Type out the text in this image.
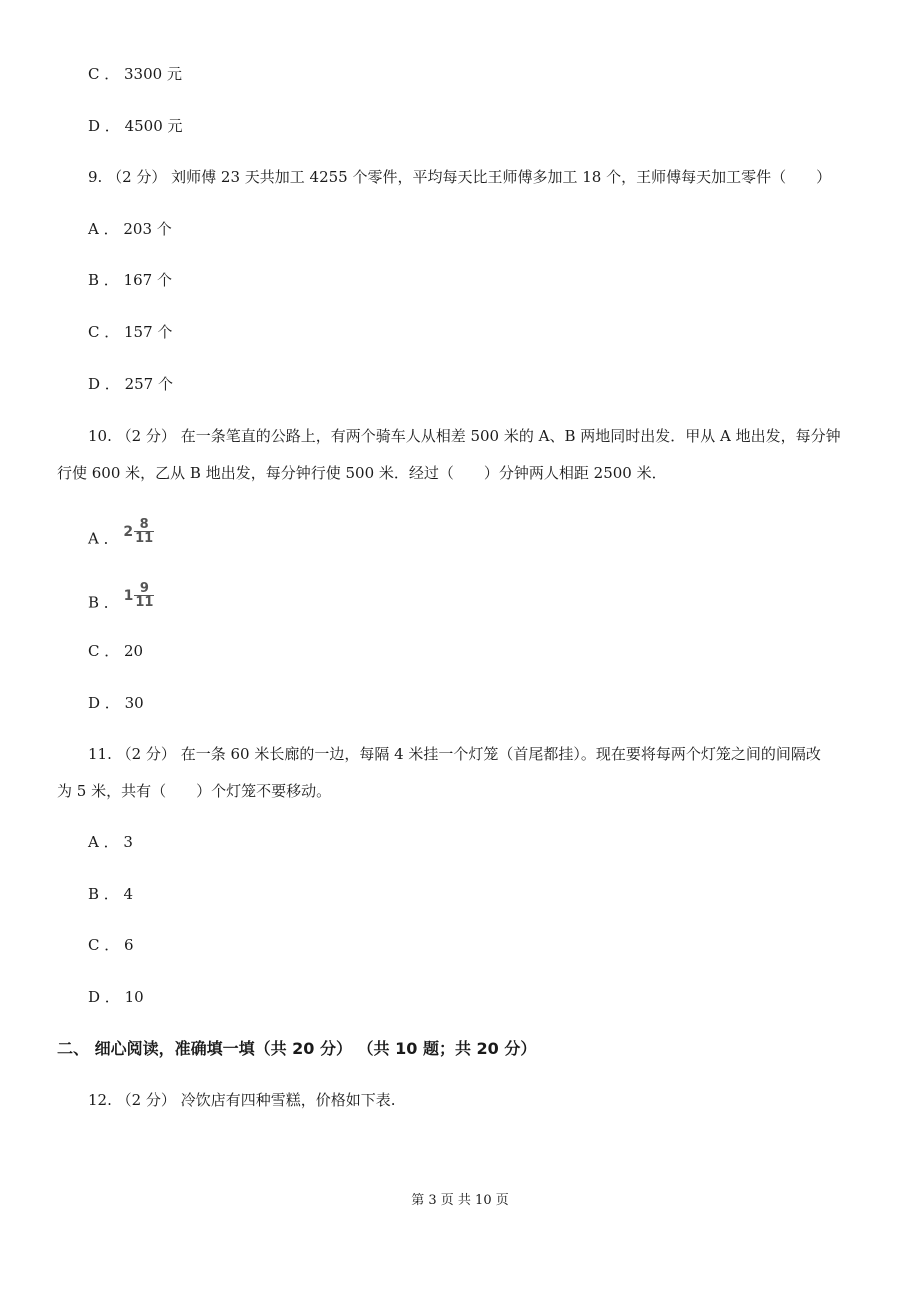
C ． 3300 元
D ． 4500 元
9. （2 分） 刘师傅 23 天共加工 4255 个零件，平均每天比王师傅多加工 18 个，王师傅每天加工零件（　　）
A ． 203 个
B ． 167 个
C ． 157 个
D ． 257 个
10. （2 分） 在一条笔直的公路上，有两个骑车人从相差 500 米的 A、B 两地同时出发．甲从 A 地出发，每分钟
行使 600 米，乙从 B 地出发，每分钟行使 500 米．经过（　　）分钟两人相距 2500 米．
A ． $2 \frac{8}{11}$
B ． $1 \frac{9}{11}$
C ． 20
D ． 30
11. （2 分） 在一条 60 米长廊的一边，每隔 4 米挂一个灯笼（首尾都挂）。现在要将每两个灯笼之间的间隔改
为 5 米，共有（　　）个灯笼不要移动。
A ． 3
B ． 4
C ． 6
D ． 10
二、 细心阅读，准确填一填（共 20 分） （共 10 题；共 20 分）
12. （2 分） 冷饮店有四种雪糕，价格如下表.
第 3 页 共 10 页
